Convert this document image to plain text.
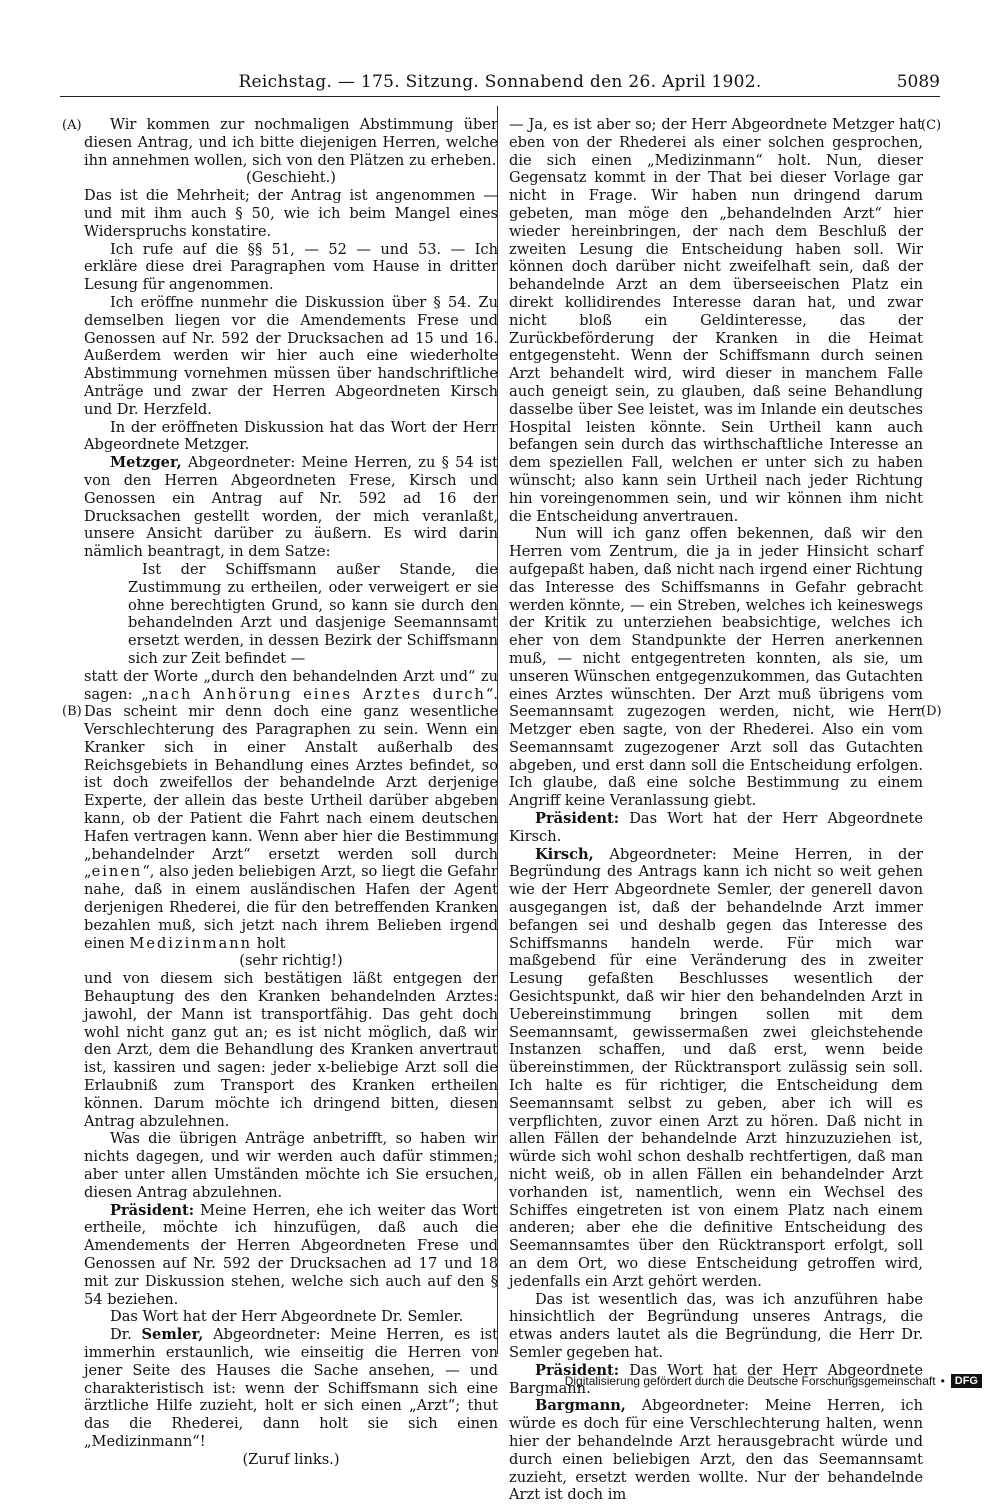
Reichstag. — 175. Sitzung. Sonnabend den 26. April 1902.	5089
(A)
(B)
(C)
(D)

Wir kommen zur nochmaligen Abstimmung über diesen Antrag, und ich bitte diejenigen Herren, welche ihn annehmen wollen, sich von den Plätzen zu erheben.

(Geschieht.)

Das ist die Mehrheit; der Antrag ist angenommen — und mit ihm auch § 50, wie ich beim Mangel eines Widerspruchs konstatire.

Ich rufe auf die §§ 51, — 52 — und 53. — Ich erkläre diese drei Paragraphen vom Hause in dritter Lesung für angenommen.

Ich eröffne nunmehr die Diskussion über § 54. Zu demselben liegen vor die Amendements Frese und Genossen auf Nr. 592 der Drucksachen ad 15 und 16. Außerdem werden wir hier auch eine wiederholte Abstimmung vornehmen müssen über handschriftliche Anträge und zwar der Herren Abgeordneten Kirsch und Dr. Herzfeld.

In der eröffneten Diskussion hat das Wort der Herr Abgeordnete Metzger.

Metzger, Abgeordneter: Meine Herren, zu § 54 ist von den Herren Abgeordneten Frese, Kirsch und Genossen ein Antrag auf Nr. 592 ad 16 der Drucksachen gestellt worden, der mich veranlaßt, unsere Ansicht darüber zu äußern. Es wird darin nämlich beantragt, in dem Satze:

Ist der Schiffsmann außer Stande, die Zustimmung zu ertheilen, oder verweigert er sie ohne berechtigten Grund, so kann sie durch den behandelnden Arzt und dasjenige Seemannsamt ersetzt werden, in dessen Bezirk der Schiffsmann sich zur Zeit befindet —

statt der Worte „durch den behandelnden Arzt und“ zu sagen: „nach Anhörung eines Arztes durch“. Das scheint mir denn doch eine ganz wesentliche Verschlechterung des Paragraphen zu sein. Wenn ein Kranker sich in einer Anstalt außerhalb des Reichsgebiets in Behandlung eines Arztes befindet, so ist doch zweifellos der behandelnde Arzt derjenige Experte, der allein das beste Urtheil darüber abgeben kann, ob der Patient die Fahrt nach einem deutschen Hafen vertragen kann. Wenn aber hier die Bestimmung „behandelnder Arzt“ ersetzt werden soll durch „einen“, also jeden beliebigen Arzt, so liegt die Gefahr nahe, daß in einem ausländischen Hafen der Agent derjenigen Rhederei, die für den betreffenden Kranken bezahlen muß, sich jetzt nach ihrem Belieben irgend einen Medizinmann holt

(sehr richtig!)

und von diesem sich bestätigen läßt entgegen der Behauptung des den Kranken behandelnden Arztes: jawohl, der Mann ist transportfähig. Das geht doch wohl nicht ganz gut an; es ist nicht möglich, daß wir den Arzt, dem die Behandlung des Kranken anvertraut ist, kassiren und sagen: jeder x-beliebige Arzt soll die Erlaubniß zum Transport des Kranken ertheilen können. Darum möchte ich dringend bitten, diesen Antrag abzulehnen.

Was die übrigen Anträge anbetrifft, so haben wir nichts dagegen, und wir werden auch dafür stimmen; aber unter allen Umständen möchte ich Sie ersuchen, diesen Antrag abzulehnen.

Präsident: Meine Herren, ehe ich weiter das Wort ertheile, möchte ich hinzufügen, daß auch die Amendements der Herren Abgeordneten Frese und Genossen auf Nr. 592 der Drucksachen ad 17 und 18 mit zur Diskussion stehen, welche sich auch auf den § 54 beziehen.

Das Wort hat der Herr Abgeordnete Dr. Semler.

Dr. Semler, Abgeordneter: Meine Herren, es ist immerhin erstaunlich, wie einseitig die Herren von jener Seite des Hauses die Sache ansehen, — und charakteristisch ist: wenn der Schiffsmann sich eine ärztliche Hilfe zuzieht, holt er sich einen „Arzt“; thut das die Rhederei, dann holt sie sich einen „Medizinmann“!

(Zuruf links.)

— Ja, es ist aber so; der Herr Abgeordnete Metzger hat eben von der Rhederei als einer solchen gesprochen, die sich einen „Medizinmann“ holt. Nun, dieser Gegensatz kommt in der That bei dieser Vorlage gar nicht in Frage. Wir haben nun dringend darum gebeten, man möge den „behandelnden Arzt“ hier wieder hereinbringen, der nach dem Beschluß der zweiten Lesung die Entscheidung haben soll. Wir können doch darüber nicht zweifelhaft sein, daß der behandelnde Arzt an dem überseeischen Platz ein direkt kollidirendes Interesse daran hat, und zwar nicht bloß ein Geldinteresse, das der Zurückbeförderung der Kranken in die Heimat entgegensteht. Wenn der Schiffsmann durch seinen Arzt behandelt wird, wird dieser in manchem Falle auch geneigt sein, zu glauben, daß seine Behandlung dasselbe über See leistet, was im Inlande ein deutsches Hospital leisten könnte. Sein Urtheil kann auch befangen sein durch das wirthschaftliche Interesse an dem speziellen Fall, welchen er unter sich zu haben wünscht; also kann sein Urtheil nach jeder Richtung hin voreingenommen sein, und wir können ihm nicht die Entscheidung anvertrauen.

Nun will ich ganz offen bekennen, daß wir den Herren vom Zentrum, die ja in jeder Hinsicht scharf aufgepaßt haben, daß nicht nach irgend einer Richtung das Interesse des Schiffsmanns in Gefahr gebracht werden könnte, — ein Streben, welches ich keineswegs der Kritik zu unterziehen beabsichtige, welches ich eher von dem Standpunkte der Herren anerkennen muß, — nicht entgegentreten konnten, als sie, um unseren Wünschen entgegenzukommen, das Gutachten eines Arztes wünschten. Der Arzt muß übrigens vom Seemannsamt zugezogen werden, nicht, wie Herr Metzger eben sagte, von der Rhederei. Also ein vom Seemannsamt zugezogener Arzt soll das Gutachten abgeben, und erst dann soll die Entscheidung erfolgen. Ich glaube, daß eine solche Bestimmung zu einem Angriff keine Veranlassung giebt.

Präsident: Das Wort hat der Herr Abgeordnete Kirsch.

Kirsch, Abgeordneter: Meine Herren, in der Begründung des Antrags kann ich nicht so weit gehen wie der Herr Abgeordnete Semler, der generell davon ausgegangen ist, daß der behandelnde Arzt immer befangen sei und deshalb gegen das Interesse des Schiffsmanns handeln werde. Für mich war maßgebend für eine Veränderung des in zweiter Lesung gefaßten Beschlusses wesentlich der Gesichtspunkt, daß wir hier den behandelnden Arzt in Uebereinstimmung bringen sollen mit dem Seemannsamt, gewissermaßen zwei gleichstehende Instanzen schaffen, und daß erst, wenn beide übereinstimmen, der Rücktransport zulässig sein soll. Ich halte es für richtiger, die Entscheidung dem Seemannsamt selbst zu geben, aber ich will es verpflichten, zuvor einen Arzt zu hören. Daß nicht in allen Fällen der behandelnde Arzt hinzuzuziehen ist, würde sich wohl schon deshalb rechtfertigen, daß man nicht weiß, ob in allen Fällen ein behandelnder Arzt vorhanden ist, namentlich, wenn ein Wechsel des Schiffes eingetreten ist von einem Platz nach einem anderen; aber ehe die definitive Entscheidung des Seemannsamtes über den Rücktransport erfolgt, soll an dem Ort, wo diese Entscheidung getroffen wird, jedenfalls ein Arzt gehört werden.

Das ist wesentlich das, was ich anzuführen habe hinsichtlich der Begründung unseres Antrags, die etwas anders lautet als die Begründung, die Herr Dr. Semler gegeben hat.

Präsident: Das Wort hat der Herr Abgeordnete Bargmann.

Bargmann, Abgeordneter: Meine Herren, ich würde es doch für eine Verschlechterung halten, wenn hier der behandelnde Arzt herausgebracht würde und durch einen beliebigen Arzt, den das Seemannsamt zuzieht, ersetzt werden wollte. Nur der behandelnde Arzt ist doch im

Digitalisierung gefördert durch die Deutsche Forschungsgemeinschaft • DFG
